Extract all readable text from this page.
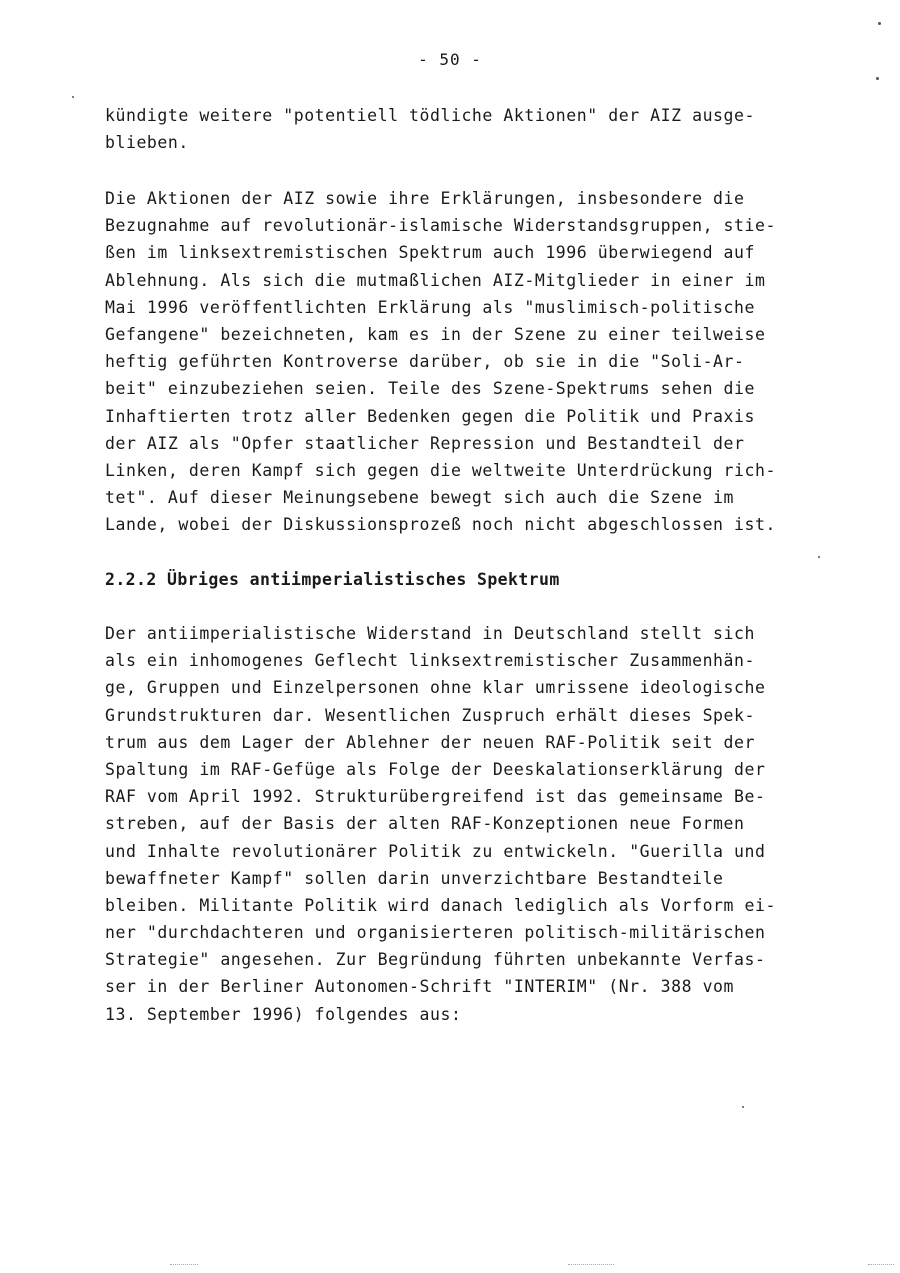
- 50 -
kündigte weitere "potentiell tödliche Aktionen" der AIZ ausge-
blieben.
Die Aktionen der AIZ sowie ihre Erklärungen, insbesondere die
Bezugnahme auf revolutionär-islamische Widerstandsgruppen, stie-
ßen im linksextremistischen Spektrum auch 1996 überwiegend auf
Ablehnung. Als sich die mutmaßlichen AIZ-Mitglieder in einer im
Mai 1996 veröffentlichten Erklärung als "muslimisch-politische
Gefangene" bezeichneten, kam es in der Szene zu einer teilweise
heftig geführten Kontroverse darüber, ob sie in die "Soli-Ar-
beit" einzubeziehen seien. Teile des Szene-Spektrums sehen die
Inhaftierten trotz aller Bedenken gegen die Politik und Praxis
der AIZ als "Opfer staatlicher Repression und Bestandteil der
Linken, deren Kampf sich gegen die weltweite Unterdrückung rich-
tet". Auf dieser Meinungsebene bewegt sich auch die Szene im
Lande, wobei der Diskussionsprozeß noch nicht abgeschlossen ist.
2.2.2 Übriges antiimperialistisches Spektrum
Der antiimperialistische Widerstand in Deutschland stellt sich
als ein inhomogenes Geflecht linksextremistischer Zusammenhän-
ge, Gruppen und Einzelpersonen ohne klar umrissene ideologische
Grundstrukturen dar. Wesentlichen Zuspruch erhält dieses Spek-
trum aus dem Lager der Ablehner der neuen RAF-Politik seit der
Spaltung im RAF-Gefüge als Folge der Deeskalationserklärung der
RAF vom April 1992. Strukturübergreifend ist das gemeinsame Be-
streben, auf der Basis der alten RAF-Konzeptionen neue Formen
und Inhalte revolutionärer Politik zu entwickeln. "Guerilla und
bewaffneter Kampf" sollen darin unverzichtbare Bestandteile
bleiben. Militante Politik wird danach lediglich als Vorform ei-
ner "durchdachteren und organisierteren politisch-militärischen
Strategie" angesehen. Zur Begründung führten unbekannte Verfas-
ser in der Berliner Autonomen-Schrift "INTERIM" (Nr. 388 vom
13. September 1996) folgendes aus:
